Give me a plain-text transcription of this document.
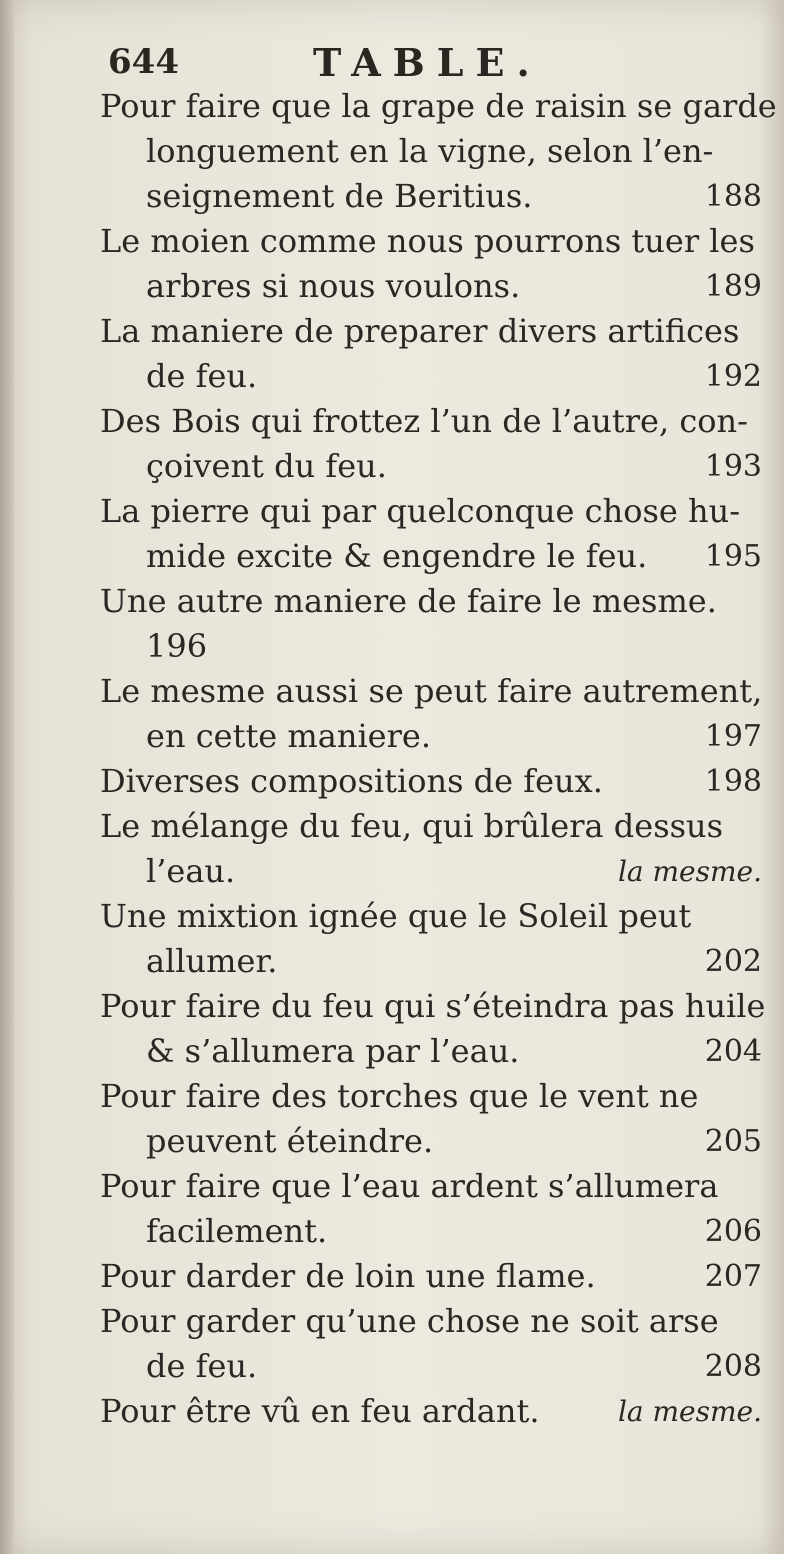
644	TABLE.
Pour faire que la grape de raisin se garde
longuement en la vigne, selon l’en-
seignement de Beritius.	188
Le moien comme nous pourrons tuer les
arbres si nous voulons.	189
La maniere de preparer divers artifices
de feu.	192
Des Bois qui frottez l’un de l’autre, con-
çoivent du feu.	193
La pierre qui par quelconque chose hu-
mide excite & engendre le feu.	195
Une autre maniere de faire le mesme.
196
Le mesme aussi se peut faire autrement,
en cette maniere.	197
Diverses compositions de feux.	198
Le mélange du feu, qui brûlera dessus
l’eau.	la mesme.
Une mixtion ignée que le Soleil peut
allumer.	202
Pour faire du feu qui s’éteindra pas huile
& s’allumera par l’eau.	204
Pour faire des torches que le vent ne
peuvent éteindre.	205
Pour faire que l’eau ardent s’allumera
facilement.	206
Pour darder de loin une flame.	207
Pour garder qu’une chose ne soit arse
de feu.	208
Pour être vû en feu ardant.	la mesme.
